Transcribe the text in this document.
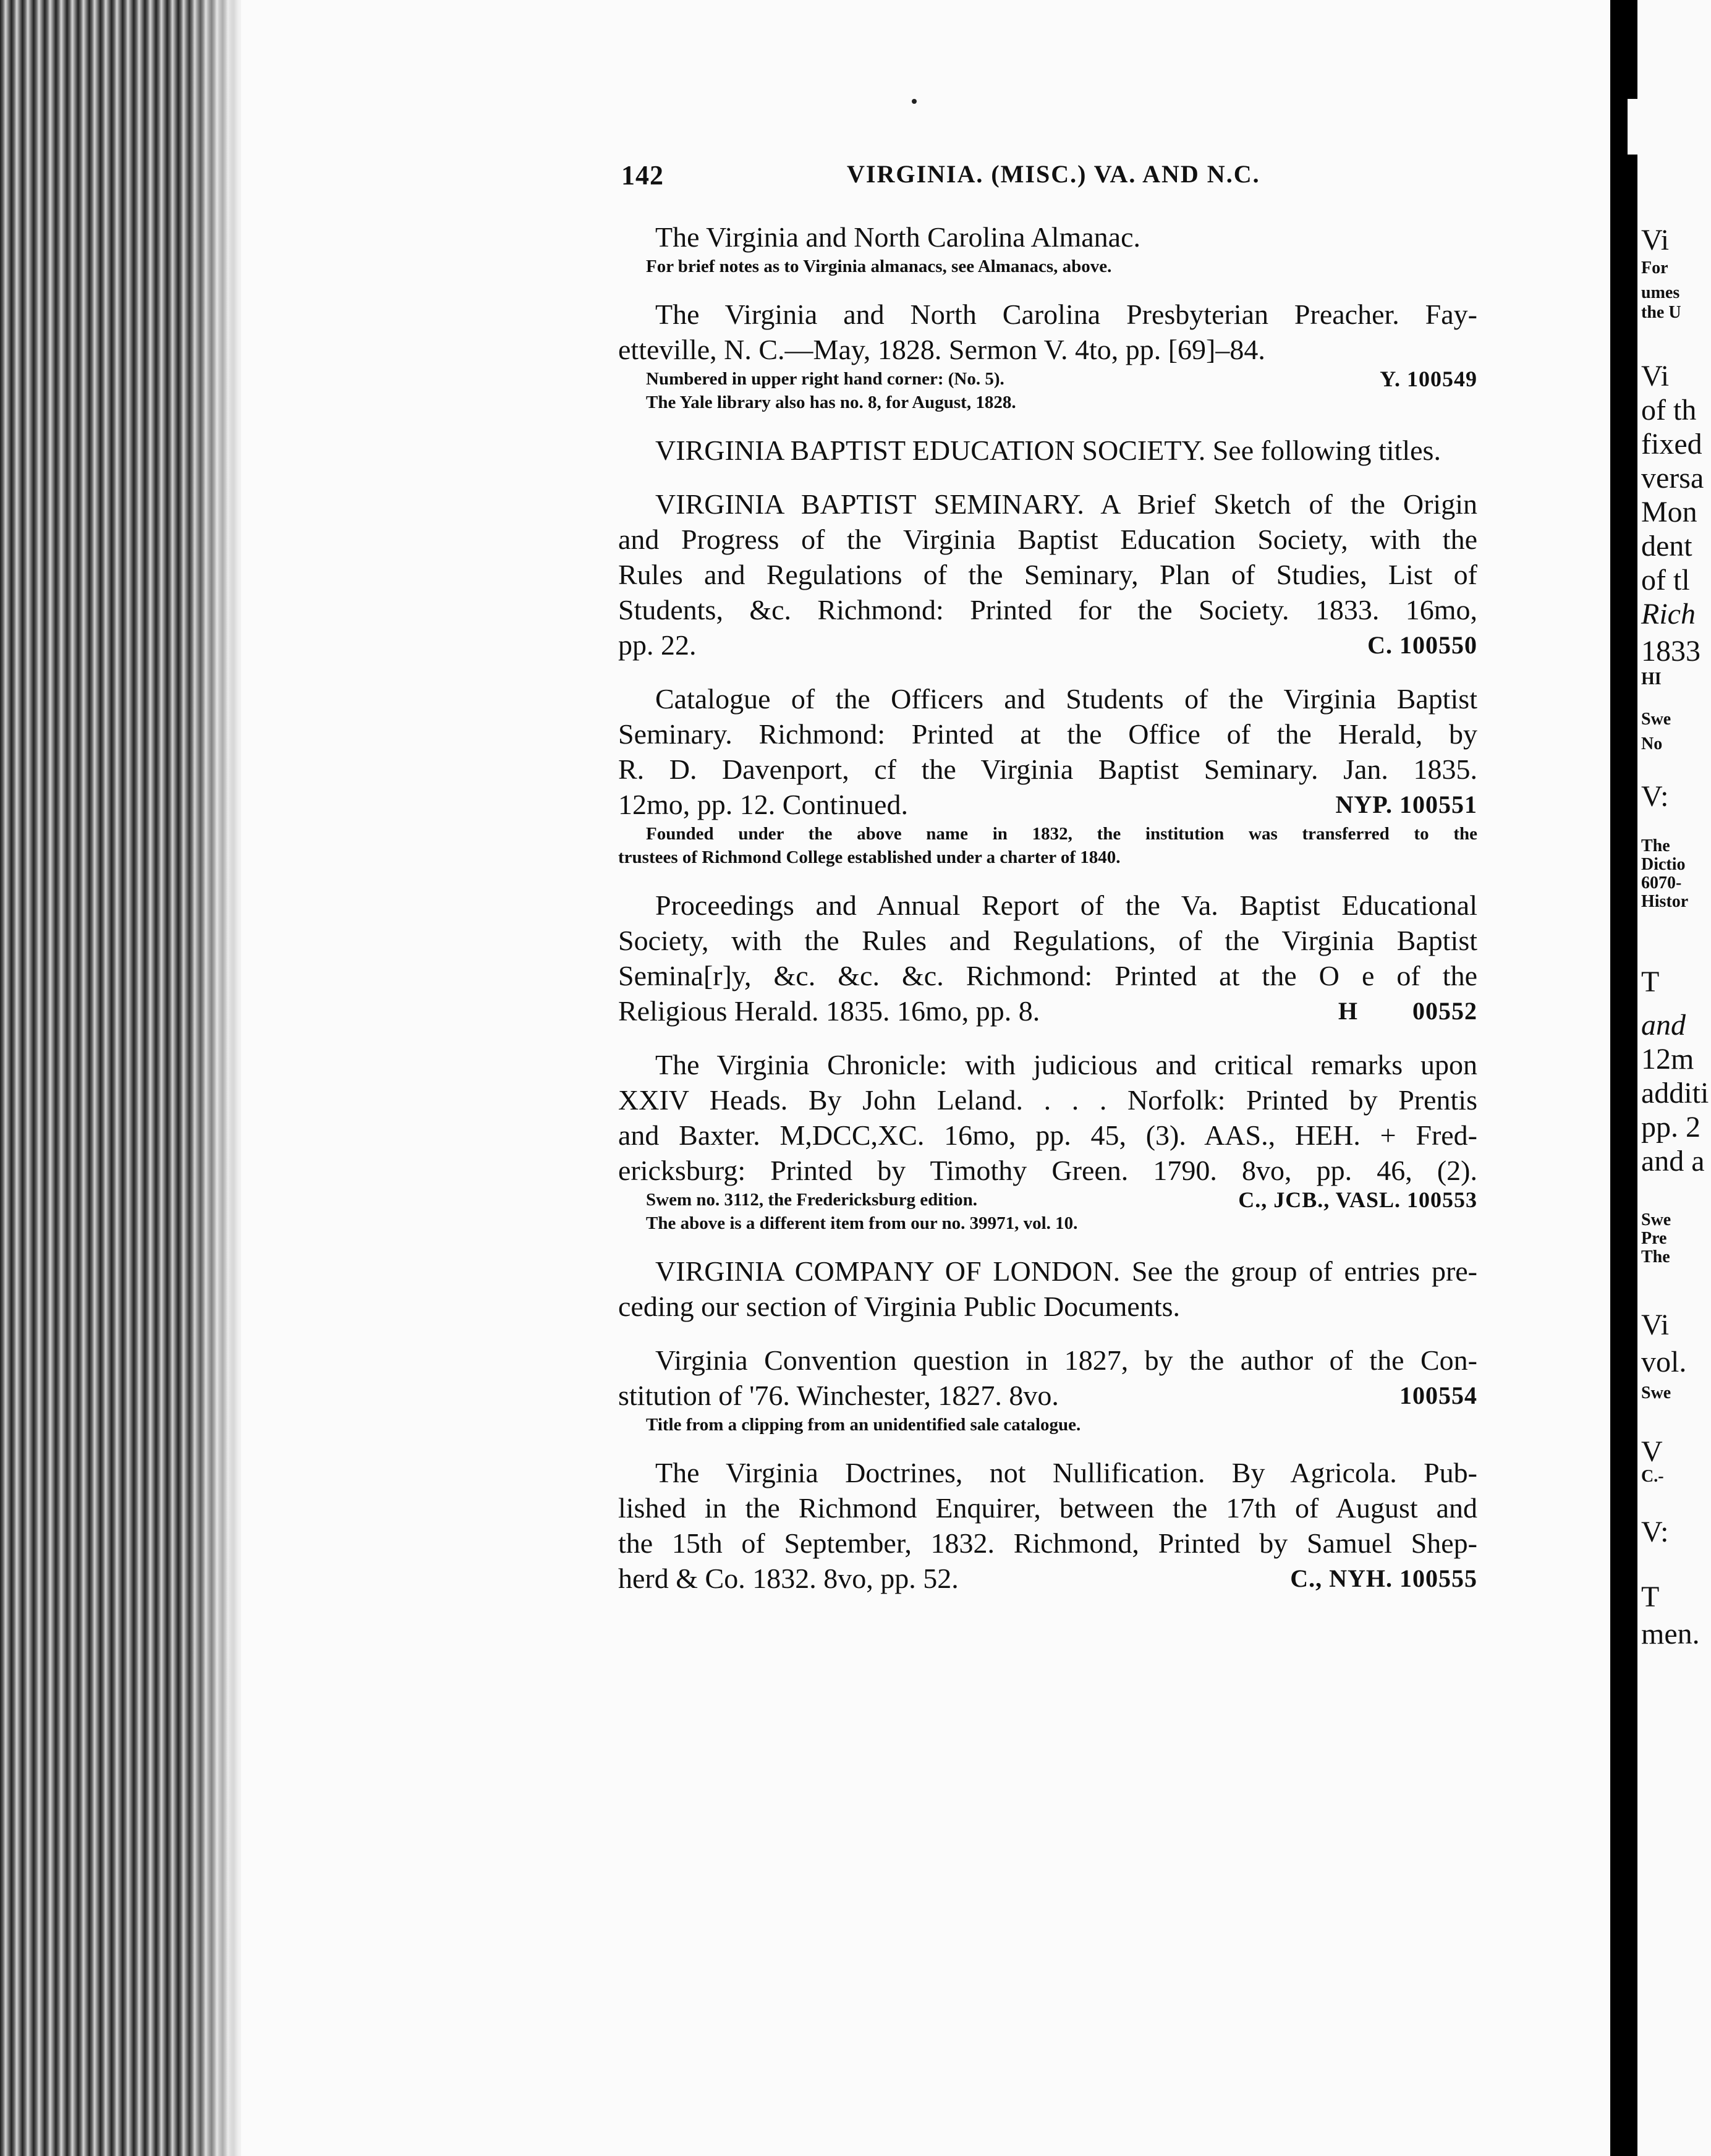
142	VIRGINIA. (MISC.) VA. AND N.C.
The Virginia and North Carolina Almanac.
For brief notes as to Virginia almanacs, see Almanacs, above.
The Virginia and North Carolina Presbyterian Preacher. Fay-
etteville, N. C.—May, 1828. Sermon V. 4to, pp. [69]–84.
Numbered in upper right hand corner: (No. 5).	Y. 100549
The Yale library also has no. 8, for August, 1828.
VIRGINIA BAPTIST EDUCATION SOCIETY. See following titles.
VIRGINIA BAPTIST SEMINARY. A Brief Sketch of the Origin
and Progress of the Virginia Baptist Education Society, with the
Rules and Regulations of the Seminary, Plan of Studies, List of
Students, &c. Richmond: Printed for the Society. 1833. 16mo,
pp. 22.	C. 100550
Catalogue of the Officers and Students of the Virginia Baptist
Seminary. Richmond: Printed at the Office of the Herald, by
R. D. Davenport, cf the Virginia Baptist Seminary. Jan. 1835.
12mo, pp. 12. Continued.	NYP. 100551
Founded under the above name in 1832, the institution was transferred to the
trustees of Richmond College established under a charter of 1840.
Proceedings and Annual Report of the Va. Baptist Educational
Society, with the Rules and Regulations, of the Virginia Baptist
Semina[r]y, &c. &c. &c. Richmond: Printed at the O e of the
Religious Herald. 1835. 16mo, pp. 8.	H        00552
The Virginia Chronicle: with judicious and critical remarks upon
XXIV Heads. By John Leland. . . . Norfolk: Printed by Prentis
and Baxter. M,DCC,XC. 16mo, pp. 45, (3). AAS., HEH. + Fred-
ericksburg: Printed by Timothy Green. 1790. 8vo, pp. 46, (2).
Swem no. 3112, the Fredericksburg edition.	C., JCB., VASL. 100553
The above is a different item from our no. 39971, vol. 10.
VIRGINIA COMPANY OF LONDON. See the group of entries pre-
ceding our section of Virginia Public Documents.
Virginia Convention question in 1827, by the author of the Con-
stitution of '76. Winchester, 1827. 8vo.	100554
Title from a clipping from an unidentified sale catalogue.
The Virginia Doctrines, not Nullification. By Agricola. Pub-
lished in the Richmond Enquirer, between the 17th of August and
the 15th of September, 1832. Richmond, Printed by Samuel Shep-
herd & Co. 1832. 8vo, pp. 52.	C., NYH. 100555
Vi
For
umes
the U
Vi
of th
fixed
versa
Mon
dent
of tl
Rich
1833
HI
Swe
No
V:
The
Dictio
6070-
Histor
T
and
12m
additi
pp. 2
and a
Swe
Pre
The
Vi
vol.
Swe
V
C.-
V:
T
men.
